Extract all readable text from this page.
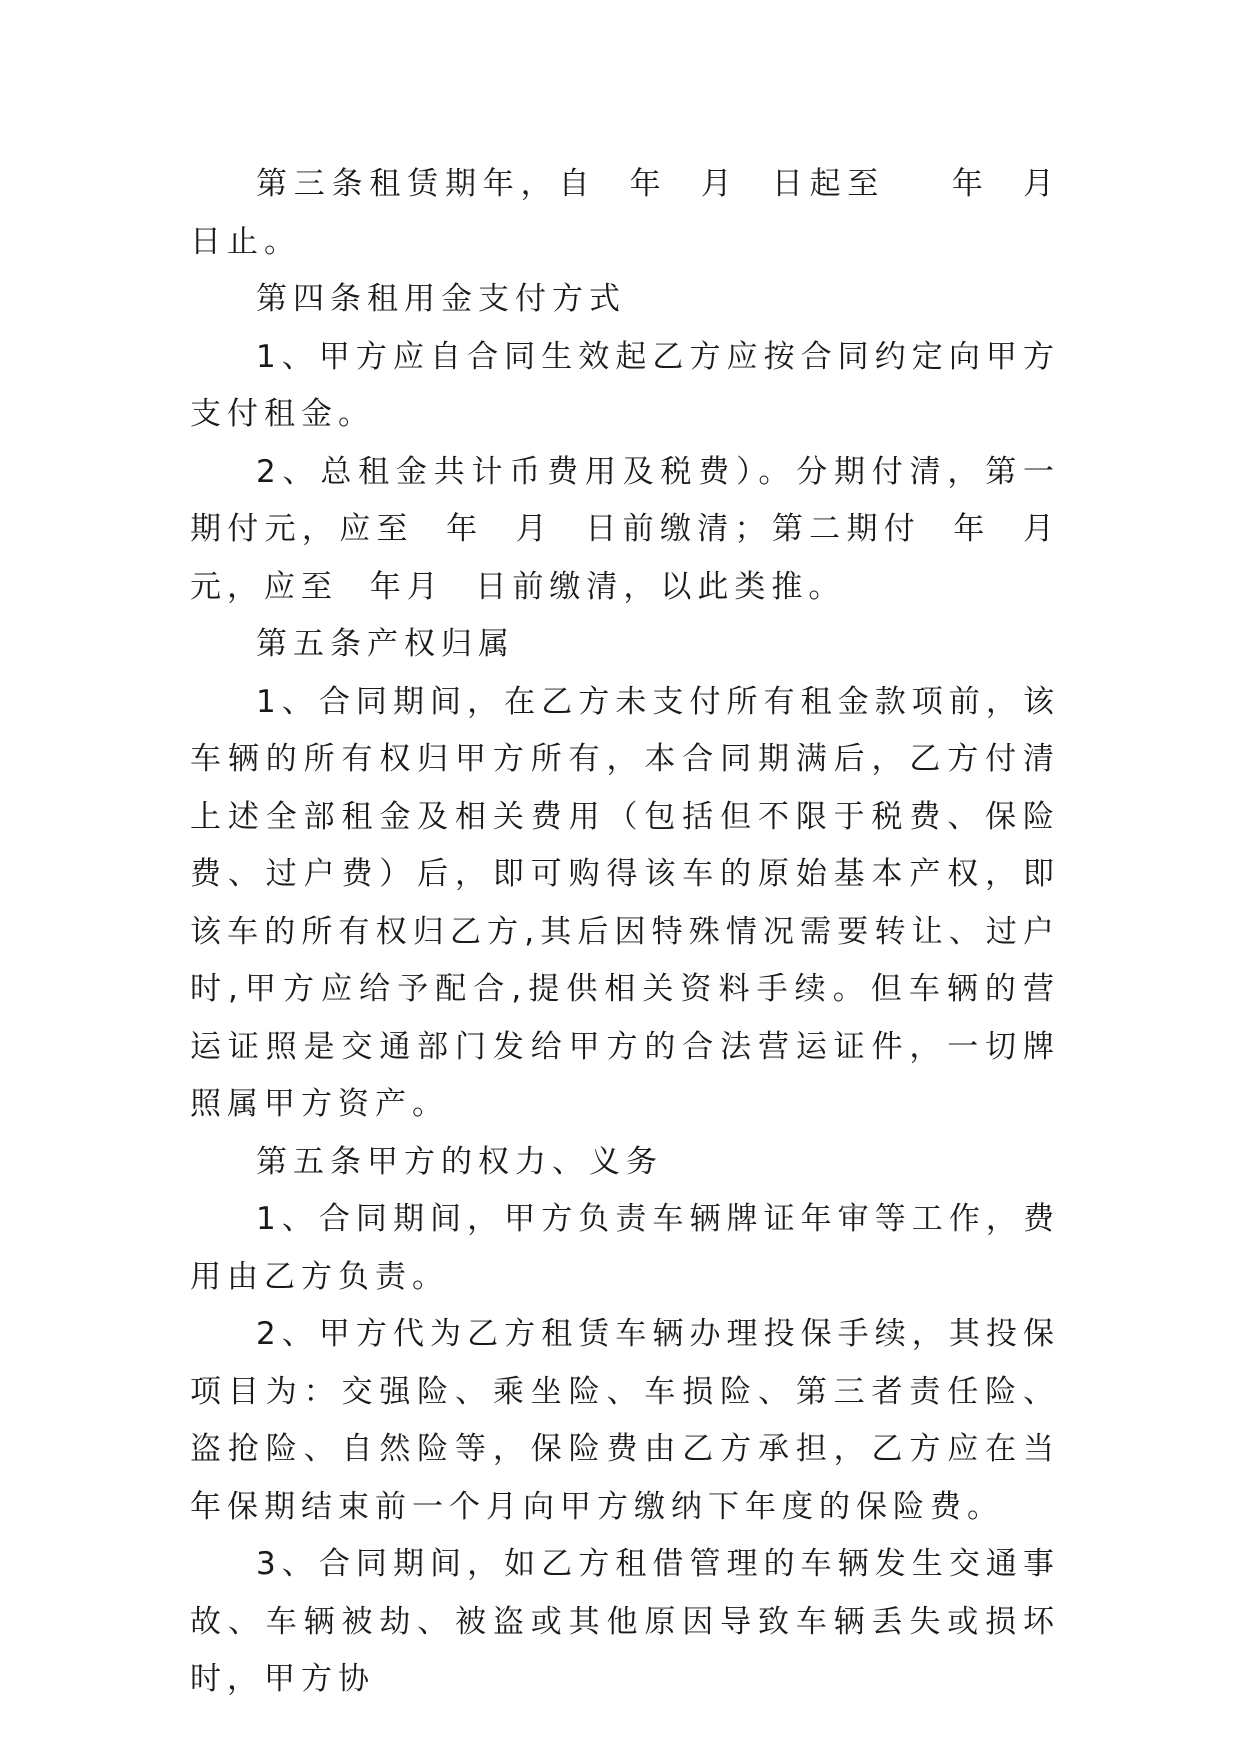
第三条租赁期年，自  年  月  日起至    年  月  日止。

第四条租用金支付方式

1、甲方应自合同生效起乙方应按合同约定向甲方支付租金。

2、总租金共计币费用及税费）。分期付清，第一期付元，应至  年  月  日前缴清；第二期付  年  月  元，应至  年月  日前缴清，以此类推。

第五条产权归属

1、合同期间，在乙方未支付所有租金款项前，该车辆的所有权归甲方所有，本合同期满后，乙方付清上述全部租金及相关费用（包括但不限于税费、保险费、过户费）后，即可购得该车的原始基本产权，即该车的所有权归乙方,其后因特殊情况需要转让、过户时,甲方应给予配合,提供相关资料手续。但车辆的营运证照是交通部门发给甲方的合法营运证件，一切牌照属甲方资产。

第五条甲方的权力、义务

1、合同期间，甲方负责车辆牌证年审等工作，费用由乙方负责。

2、甲方代为乙方租赁车辆办理投保手续，其投保项目为：交强险、乘坐险、车损险、第三者责任险、盗抢险、自然险等，保险费由乙方承担，乙方应在当年保期结束前一个月向甲方缴纳下年度的保险费。

3、合同期间，如乙方租借管理的车辆发生交通事故、车辆被劫、被盗或其他原因导致车辆丢失或损坏时，甲方协
